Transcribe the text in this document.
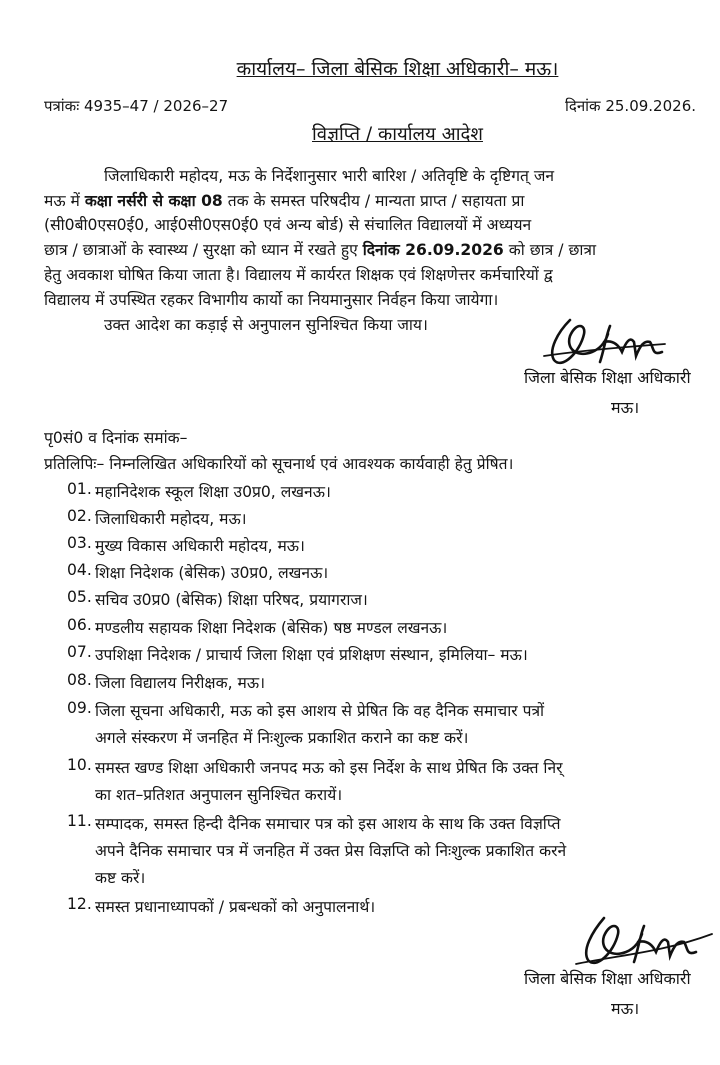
कार्यालय– जिला बेसिक शिक्षा अधिकारी– मऊ।
पत्रांकः 4935–47 / 2026–27	दिनांक 25.09.2026.
विज्ञप्ति / कार्यालय आदेश
जिलाधिकारी महोदय, मऊ के निर्देशानुसार भारी बारिश / अतिवृष्टि के दृष्टिगत् जन
मऊ में कक्षा नर्सरी से कक्षा 08 तक के समस्त परिषदीय / मान्यता प्राप्त / सहायता प्रा
(सी0बी0एस0ई0, आई0सी0एस0ई0 एवं अन्य बोर्ड) से संचालित विद्यालयों में अध्ययन
छात्र / छात्राओं के स्वास्थ्य / सुरक्षा को ध्यान में रखते हुए दिनांक 26.09.2026 को छात्र / छात्रा
हेतु अवकाश घोषित किया जाता है। विद्यालय में कार्यरत शिक्षक एवं शिक्षणेत्तर कर्मचारियों द्व
विद्यालय में उपस्थित रहकर विभागीय कार्यो का नियमानुसार निर्वहन किया जायेगा।
उक्त आदेश का कड़ाई से अनुपालन सुनिश्चित किया जाय।
जिला बेसिक शिक्षा अधिकारी
मऊ।
पृ0सं0 व दिनांक समांक–
प्रतिलिपिः– निम्नलिखित अधिकारियों को सूचनार्थ एवं आवश्यक कार्यवाही हेतु प्रेषित।
01. महानिदेशक स्कूल शिक्षा उ0प्र0, लखनऊ।
02. जिलाधिकारी महोदय, मऊ।
03. मुख्य विकास अधिकारी महोदय, मऊ।
04. शिक्षा निदेशक (बेसिक) उ0प्र0, लखनऊ।
05. सचिव उ0प्र0 (बेसिक) शिक्षा परिषद, प्रयागराज।
06. मण्डलीय सहायक शिक्षा निदेशक (बेसिक) षष्ठ मण्डल लखनऊ।
07. उपशिक्षा निदेशक / प्राचार्य जिला शिक्षा एवं प्रशिक्षण संस्थान, इमिलिया– मऊ।
08. जिला विद्यालय निरीक्षक, मऊ।
09. जिला सूचना अधिकारी, मऊ को इस आशय से प्रेषित कि वह दैनिक समाचार पत्रों
अगले संस्करण में जनहित में निःशुल्क प्रकाशित कराने का कष्ट करें।
10. समस्त खण्ड शिक्षा अधिकारी जनपद मऊ को इस निर्देश के साथ प्रेषित कि उक्त निर्
का शत–प्रतिशत अनुपालन सुनिश्चित करायें।
11. सम्पादक, समस्त हिन्दी दैनिक समाचार पत्र को इस आशय के साथ कि उक्त विज्ञप्ति
अपने दैनिक समाचार पत्र में जनहित में उक्त प्रेस विज्ञप्ति को निःशुल्क प्रकाशित करने
कष्ट करें।
12. समस्त प्रधानाध्यापकों / प्रबन्धकों को अनुपालनार्थ।
जिला बेसिक शिक्षा अधिकारी
मऊ।
